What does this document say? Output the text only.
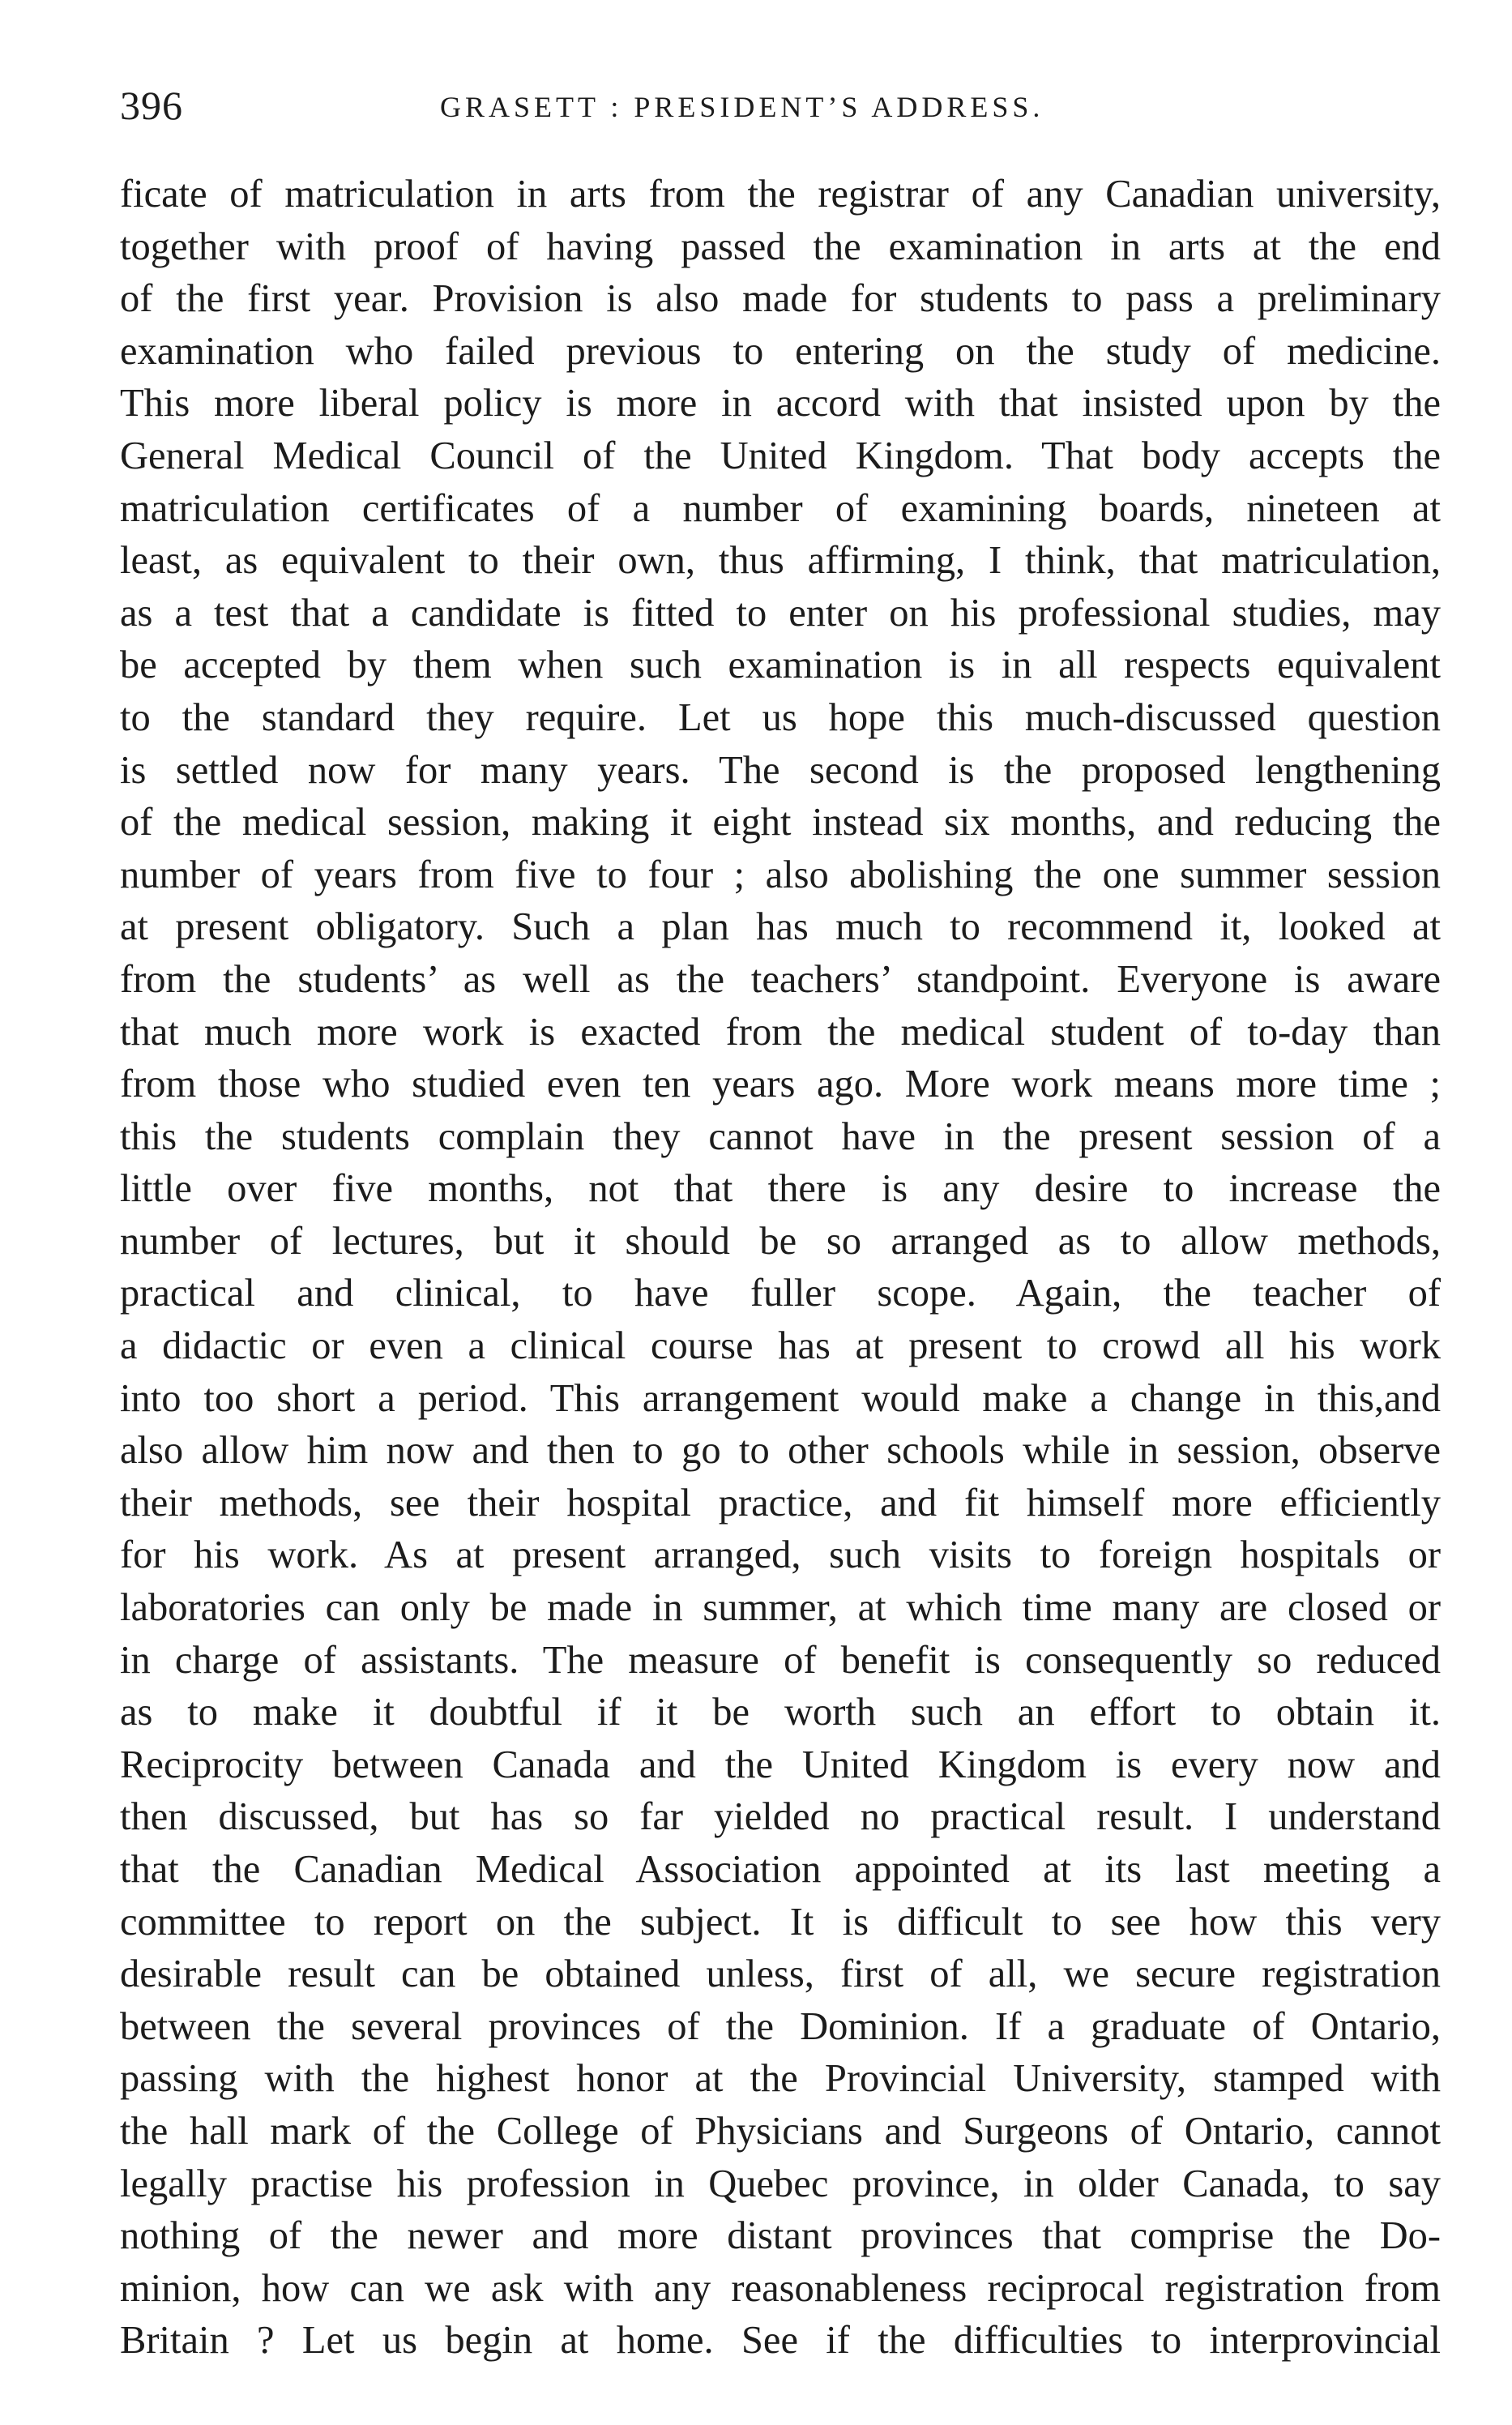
396	GRASETT : PRESIDENT’S ADDRESS.
ficate of matriculation in arts from the registrar of any Canadian university,
together with proof of having passed the examination in arts at the end
of the first year. Provision is also made for students to pass a preliminary
examination who failed previous to entering on the study of medicine.
This more liberal policy is more in accord with that insisted upon by the
General Medical Council of the United Kingdom. That body accepts the
matriculation certificates of a number of examining boards, nineteen at
least, as equivalent to their own, thus affirming, I think, that matriculation,
as a test that a candidate is fitted to enter on his professional studies, may
be accepted by them when such examination is in all respects equivalent
to the standard they require. Let us hope this much-discussed question
is settled now for many years. The second is the proposed lengthening
of the medical session, making it eight instead six months, and reducing the
number of years from five to four ; also abolishing the one summer session
at present obligatory. Such a plan has much to recommend it, looked at
from the students’ as well as the teachers’ standpoint. Everyone is aware
that much more work is exacted from the medical student of to-day than
from those who studied even ten years ago. More work means more time ;
this the students complain they cannot have in the present session of a
little over five months, not that there is any desire to increase the
number of lectures, but it should be so arranged as to allow methods,
practical and clinical, to have fuller scope. Again, the teacher of
a didactic or even a clinical course has at present to crowd all his work
into too short a period. This arrangement would make a change in this,and
also allow him now and then to go to other schools while in session, observe
their methods, see their hospital practice, and fit himself more efficiently
for his work. As at present arranged, such visits to foreign hospitals or
laboratories can only be made in summer, at which time many are closed or
in charge of assistants. The measure of benefit is consequently so reduced
as to make it doubtful if it be worth such an effort to obtain it.
Reciprocity between Canada and the United Kingdom is every now and
then discussed, but has so far yielded no practical result. I understand
that the Canadian Medical Association appointed at its last meeting a
committee to report on the subject. It is difficult to see how this very
desirable result can be obtained unless, first of all, we secure registration
between the several provinces of the Dominion. If a graduate of Ontario,
passing with the highest honor at the Provincial University, stamped with
the hall mark of the College of Physicians and Surgeons of Ontario, cannot
legally practise his profession in Quebec province, in older Canada, to say
nothing of the newer and more distant provinces that comprise the Do-
minion, how can we ask with any reasonableness reciprocal registration from
Britain ? Let us begin at home. See if the difficulties to interprovincial
